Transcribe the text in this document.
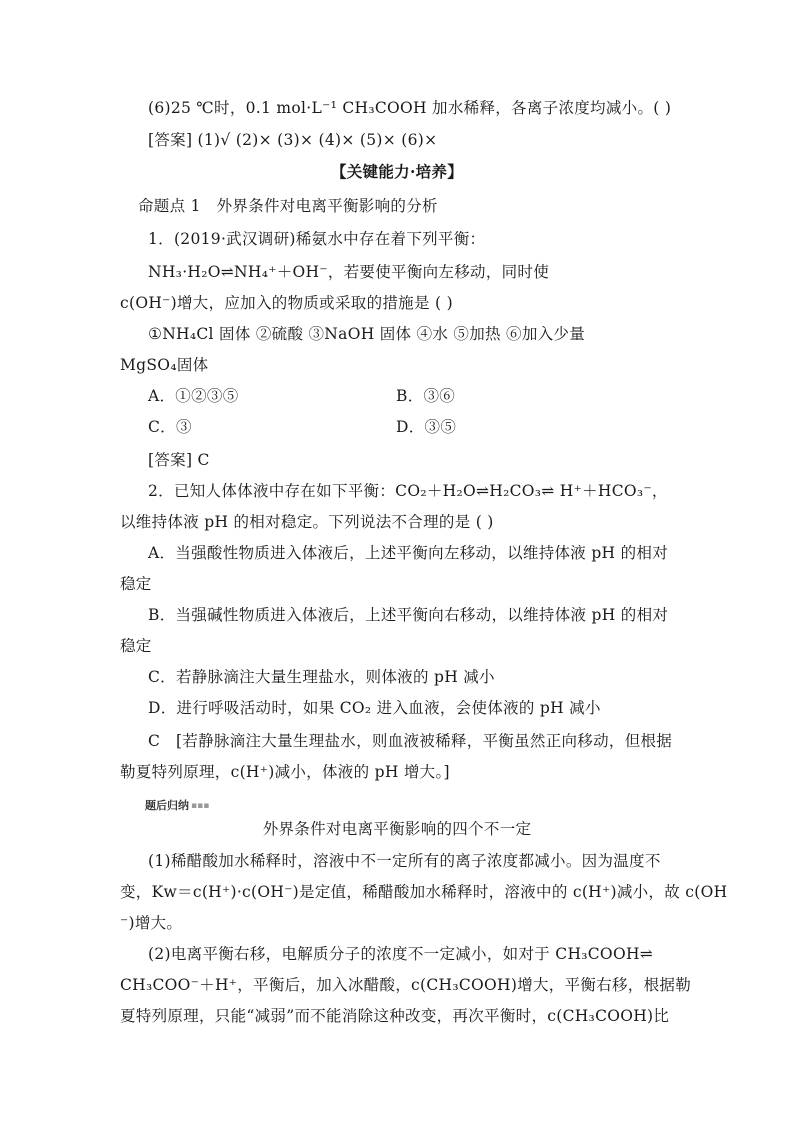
(6)25 ℃时，0.1 mol·L⁻¹ CH₃COOH 加水稀释，各离子浓度均减小。( )
[答案] (1)√ (2)× (3)× (4)× (5)× (6)×
【关键能力·培养】
命题点 1　外界条件对电离平衡影响的分析
1．(2019·武汉调研)稀氨水中存在着下列平衡：
NH₃·H₂O⇌NH₄⁺＋OH⁻，若要使平衡向左移动，同时使
c(OH⁻)增大，应加入的物质或采取的措施是 ( )
①NH₄Cl 固体 ②硫酸 ③NaOH 固体 ④水 ⑤加热 ⑥加入少量
MgSO₄固体
A．①②③⑤	B．③⑥
C．③	D．③⑤
[答案] C
2．已知人体体液中存在如下平衡：CO₂＋H₂O⇌H₂CO₃⇌ H⁺＋HCO₃⁻，
以维持体液 pH 的相对稳定。下列说法不合理的是 ( )
A．当强酸性物质进入体液后，上述平衡向左移动，以维持体液 pH 的相对
稳定
B．当强碱性物质进入体液后，上述平衡向右移动，以维持体液 pH 的相对
稳定
C．若静脉滴注大量生理盐水，则体液的 pH 减小
D．进行呼吸活动时，如果 CO₂ 进入血液，会使体液的 pH 减小
C　[若静脉滴注大量生理盐水，则血液被稀释，平衡虽然正向移动，但根据
勒夏特列原理，c(H⁺)减小，体液的 pH 增大。]
题后归纳 ▪▪▪
外界条件对电离平衡影响的四个不一定
(1)稀醋酸加水稀释时，溶液中不一定所有的离子浓度都减小。因为温度不
变，Kw＝c(H⁺)·c(OH⁻)是定值，稀醋酸加水稀释时，溶液中的 c(H⁺)减小，故 c(OH
⁻)增大。
(2)电离平衡右移，电解质分子的浓度不一定减小，如对于 CH₃COOH⇌
CH₃COO⁻＋H⁺，平衡后，加入冰醋酸，c(CH₃COOH)增大，平衡右移，根据勒
夏特列原理，只能“减弱”而不能消除这种改变，再次平衡时，c(CH₃COOH)比
